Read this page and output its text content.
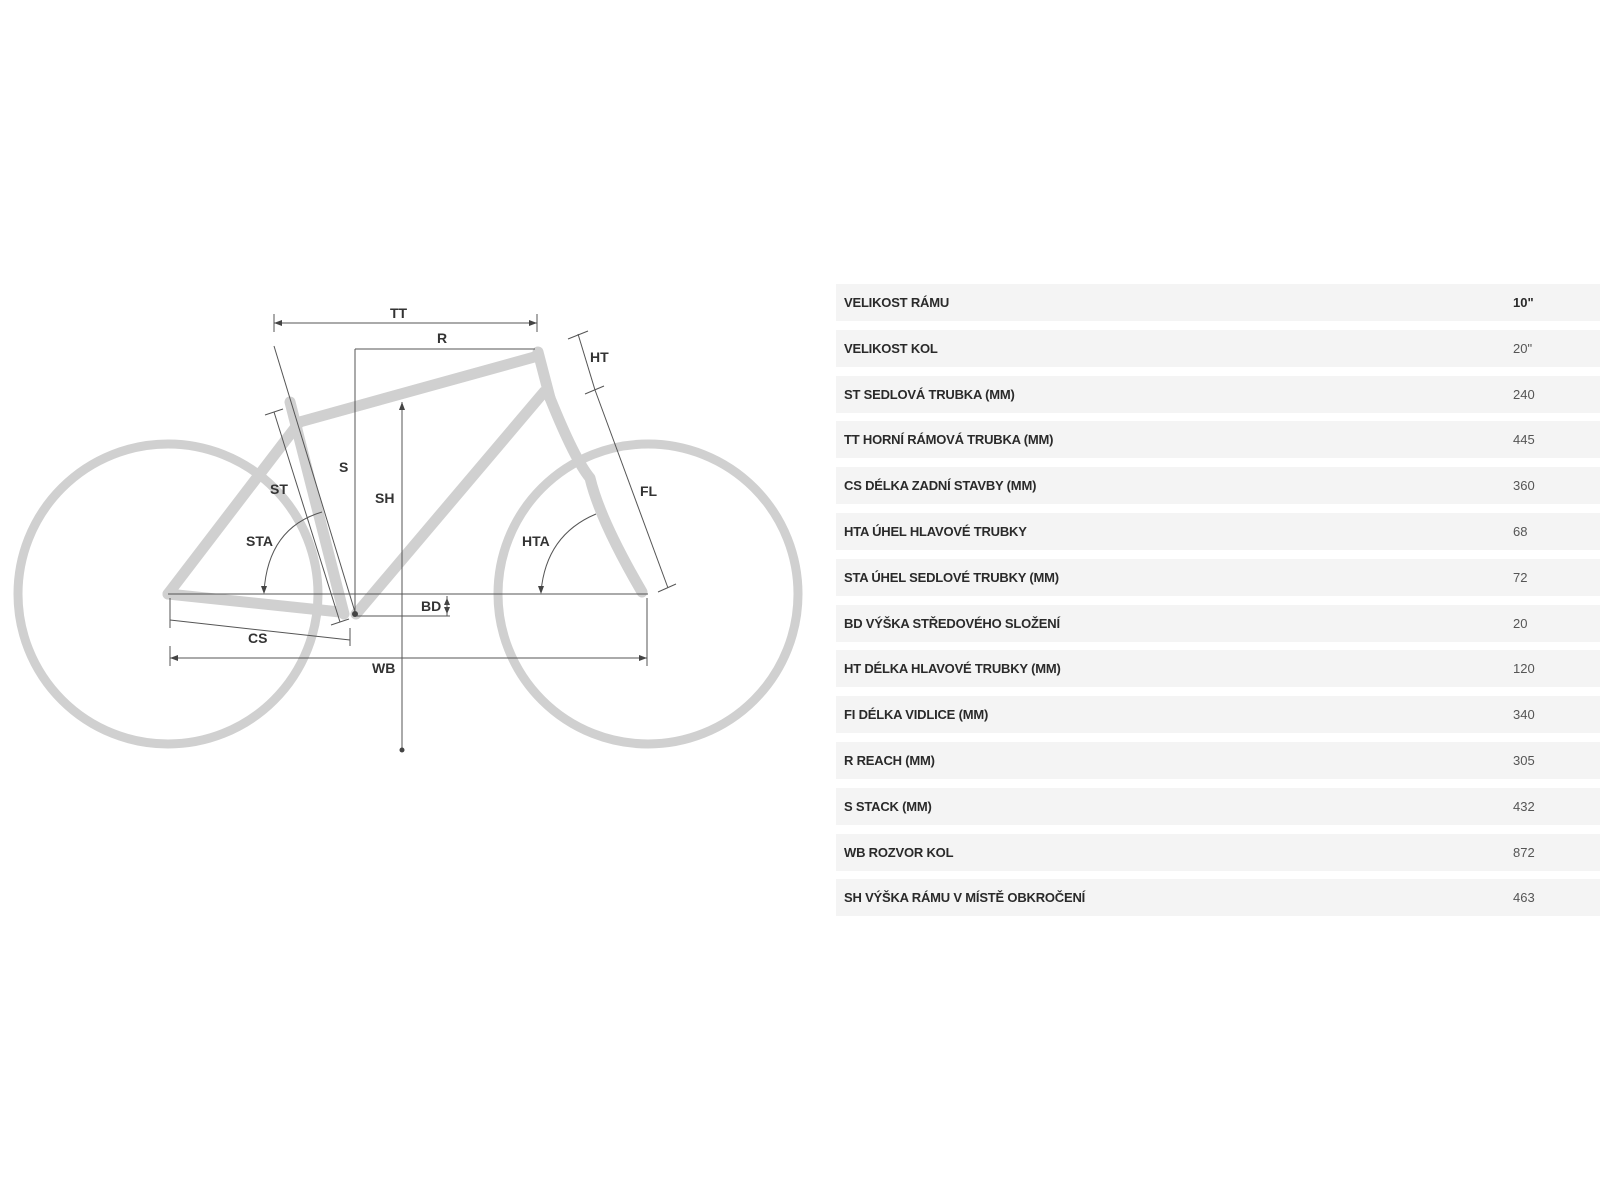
TT
R
HT
S
ST
SH
STA	HTA
FL
BD
CS
WB
VELIKOST RÁMU	10"
VELIKOST KOL	20"
ST SEDLOVÁ TRUBKA (MM)	240
TT HORNÍ RÁMOVÁ TRUBKA (MM)	445
CS DÉLKA ZADNÍ STAVBY (MM)	360
HTA ÚHEL HLAVOVÉ TRUBKY	68
STA ÚHEL SEDLOVÉ TRUBKY (MM)	72
BD VÝŠKA STŘEDOVÉHO SLOŽENÍ	20
HT DÉLKA HLAVOVÉ TRUBKY (MM)	120
FI DÉLKA VIDLICE (MM)	340
R REACH (MM)	305
S STACK (MM)	432
WB ROZVOR KOL	872
SH VÝŠKA RÁMU V MÍSTĚ OBKROČENÍ	463
